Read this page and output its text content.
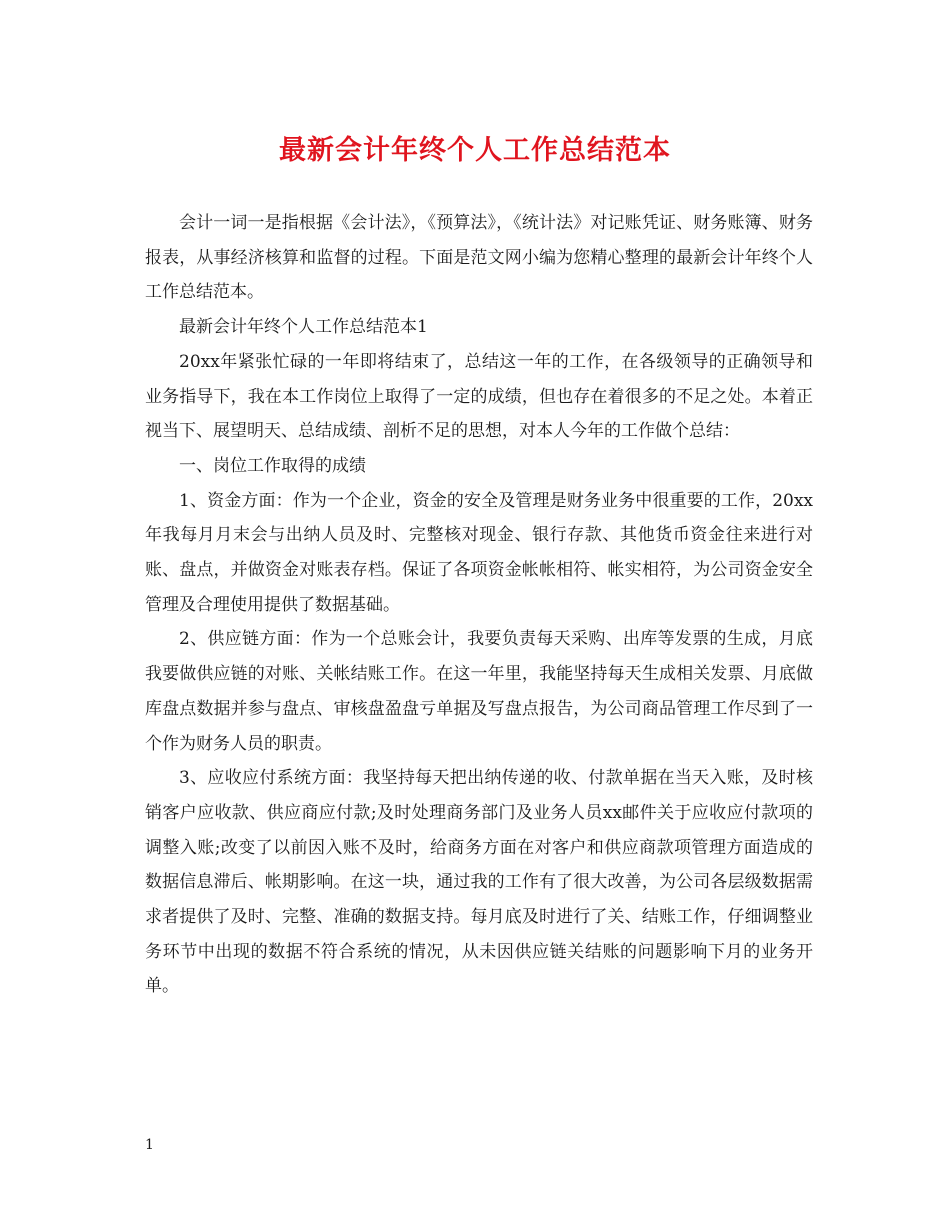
最新会计年终个人工作总结范本

会计一词一是指根据《会计法》，《预算法》，《统计法》对记账凭证、财务账簿、财务报表，从事经济核算和监督的过程。下面是范文网小编为您精心整理的最新会计年终个人工作总结范本。

最新会计年终个人工作总结范本1

20xx年紧张忙碌的一年即将结束了，总结这一年的工作，在各级领导的正确领导和业务指导下，我在本工作岗位上取得了一定的成绩，但也存在着很多的不足之处。本着正视当下、展望明天、总结成绩、剖析不足的思想，对本人今年的工作做个总结：

一、岗位工作取得的成绩

1、资金方面：作为一个企业，资金的安全及管理是财务业务中很重要的工作，20xx年我每月月末会与出纳人员及时、完整核对现金、银行存款、其他货币资金往来进行对账、盘点，并做资金对账表存档。保证了各项资金帐帐相符、帐实相符，为公司资金安全管理及合理使用提供了数据基础。

2、供应链方面：作为一个总账会计，我要负责每天采购、出库等发票的生成，月底我要做供应链的对账、关帐结账工作。在这一年里，我能坚持每天生成相关发票、月底做库盘点数据并参与盘点、审核盘盈盘亏单据及写盘点报告，为公司商品管理工作尽到了一个作为财务人员的职责。

3、应收应付系统方面：我坚持每天把出纳传递的收、付款单据在当天入账，及时核销客户应收款、供应商应付款;及时处理商务部门及业务人员xx邮件关于应收应付款项的调整入账;改变了以前因入账不及时，给商务方面在对客户和供应商款项管理方面造成的数据信息滞后、帐期影响。在这一块，通过我的工作有了很大改善，为公司各层级数据需求者提供了及时、完整、准确的数据支持。每月底及时进行了关、结账工作，仔细调整业务环节中出现的数据不符合系统的情况，从未因供应链关结账的问题影响下月的业务开单。

1
